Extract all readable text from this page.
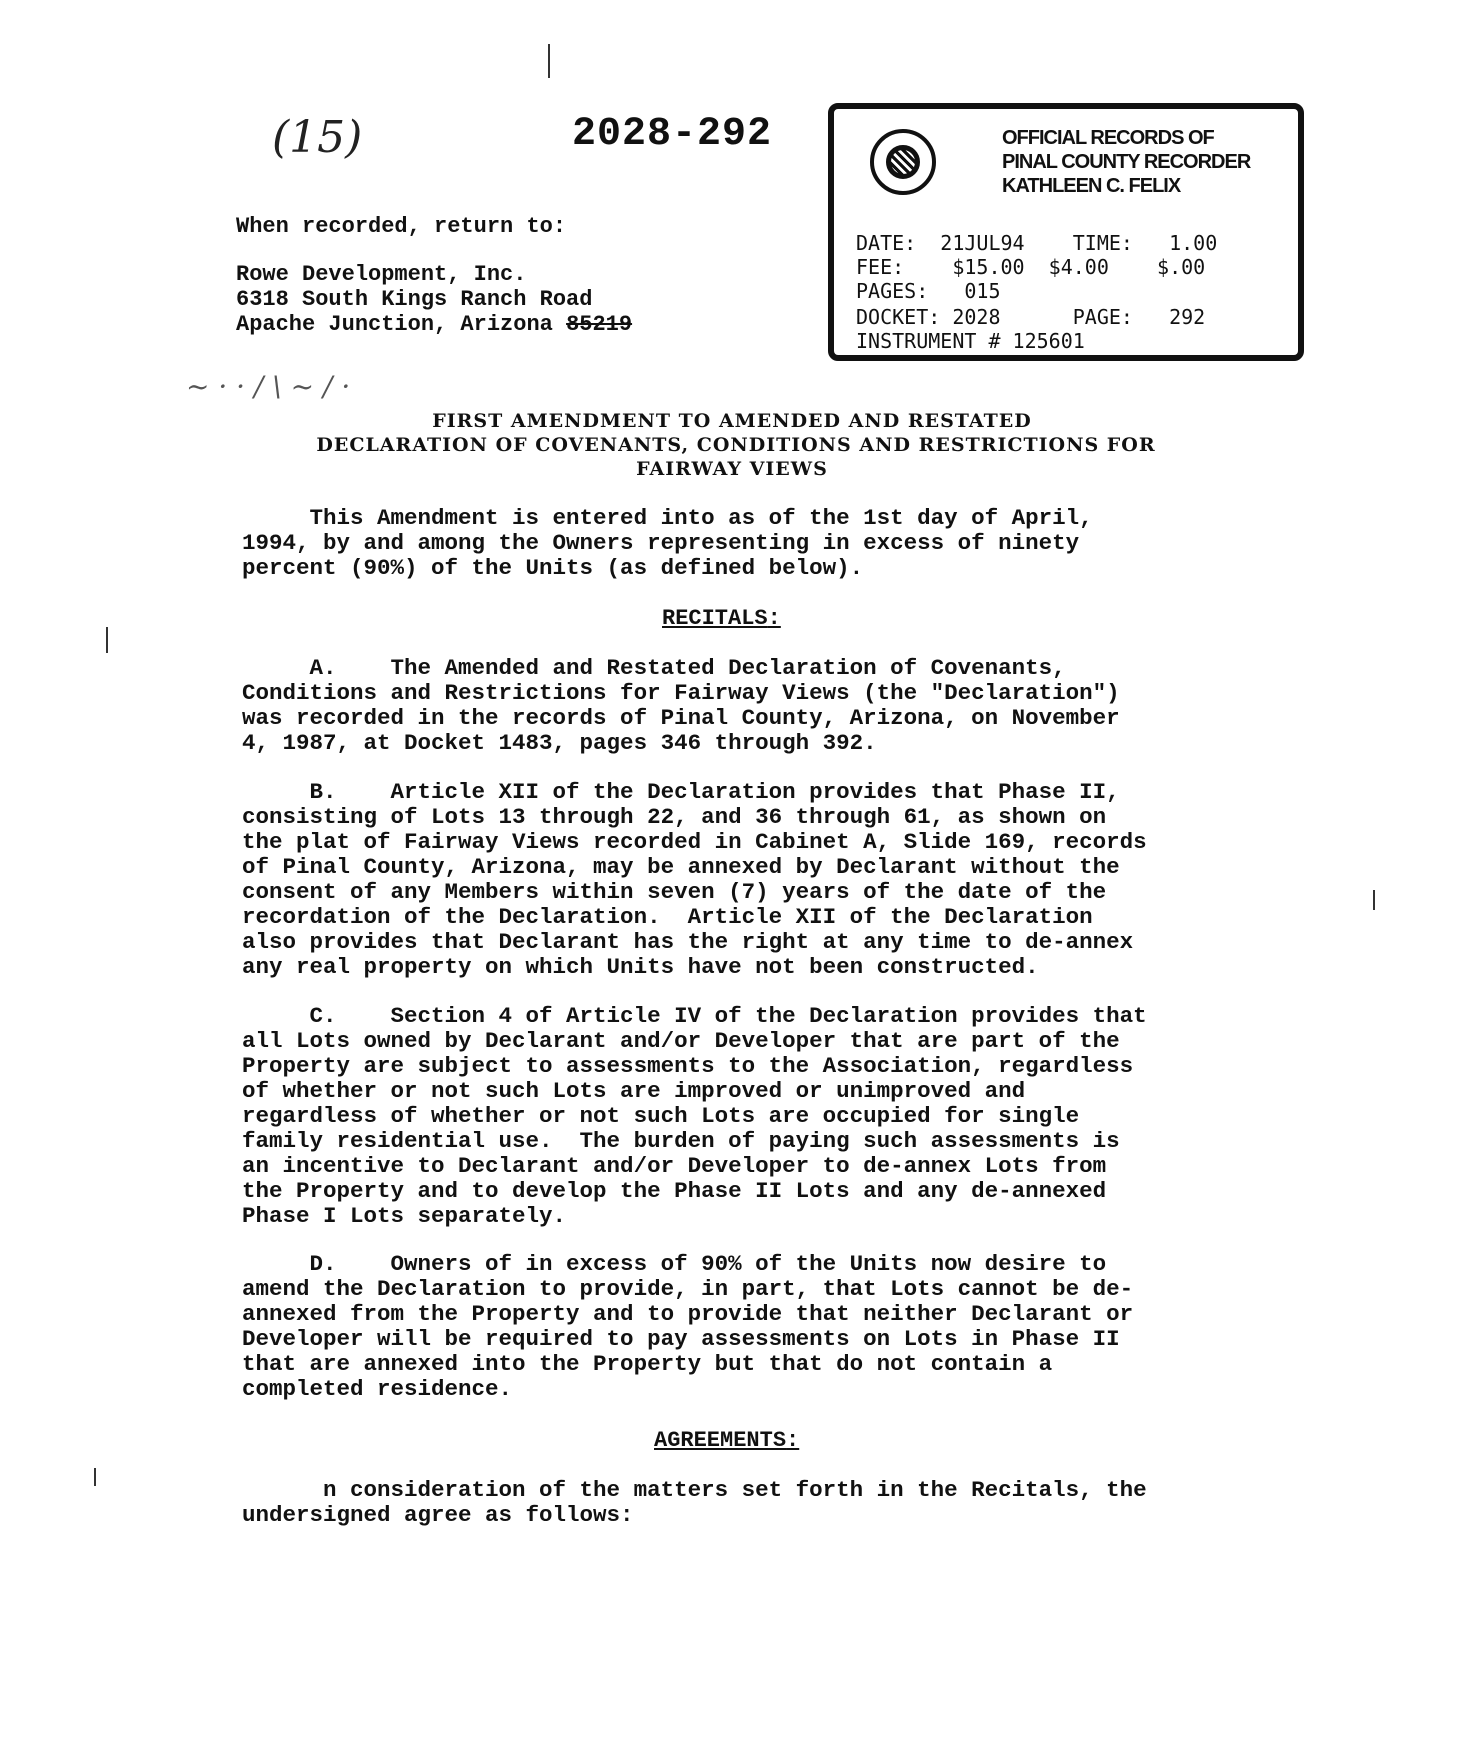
(15)	2028-292
When recorded, return to:
Rowe Development, Inc.
6318 South Kings Ranch Road
Apache Junction, Arizona 85219
~ · · / \ ~ / ·
OFFICIAL RECORDS OF
PINAL COUNTY RECORDER
KATHLEEN C. FELIX
DATE:  21JUL94    TIME:   1.00
FEE:    $15.00  $4.00    $.00
PAGES:   015
DOCKET: 2028      PAGE:   292
INSTRUMENT # 125601
FIRST AMENDMENT TO AMENDED AND RESTATED
DECLARATION OF COVENANTS, CONDITIONS AND RESTRICTIONS FOR
FAIRWAY VIEWS
This Amendment is entered into as of the 1st day of April,
1994, by and among the Owners representing in excess of ninety
percent (90%) of the Units (as defined below).
RECITALS:
A.    The Amended and Restated Declaration of Covenants,
Conditions and Restrictions for Fairway Views (the "Declaration")
was recorded in the records of Pinal County, Arizona, on November
4, 1987, at Docket 1483, pages 346 through 392.
B.    Article XII of the Declaration provides that Phase II,
consisting of Lots 13 through 22, and 36 through 61, as shown on
the plat of Fairway Views recorded in Cabinet A, Slide 169, records
of Pinal County, Arizona, may be annexed by Declarant without the
consent of any Members within seven (7) years of the date of the
recordation of the Declaration.  Article XII of the Declaration
also provides that Declarant has the right at any time to de-annex
any real property on which Units have not been constructed.
C.    Section 4 of Article IV of the Declaration provides that
all Lots owned by Declarant and/or Developer that are part of the
Property are subject to assessments to the Association, regardless
of whether or not such Lots are improved or unimproved and
regardless of whether or not such Lots are occupied for single
family residential use.  The burden of paying such assessments is
an incentive to Declarant and/or Developer to de-annex Lots from
the Property and to develop the Phase II Lots and any de-annexed
Phase I Lots separately.
D.    Owners of in excess of 90% of the Units now desire to
amend the Declaration to provide, in part, that Lots cannot be de-
annexed from the Property and to provide that neither Declarant or
Developer will be required to pay assessments on Lots in Phase II
that are annexed into the Property but that do not contain a
completed residence.
AGREEMENTS:
n consideration of the matters set forth in the Recitals, the
undersigned agree as follows:
